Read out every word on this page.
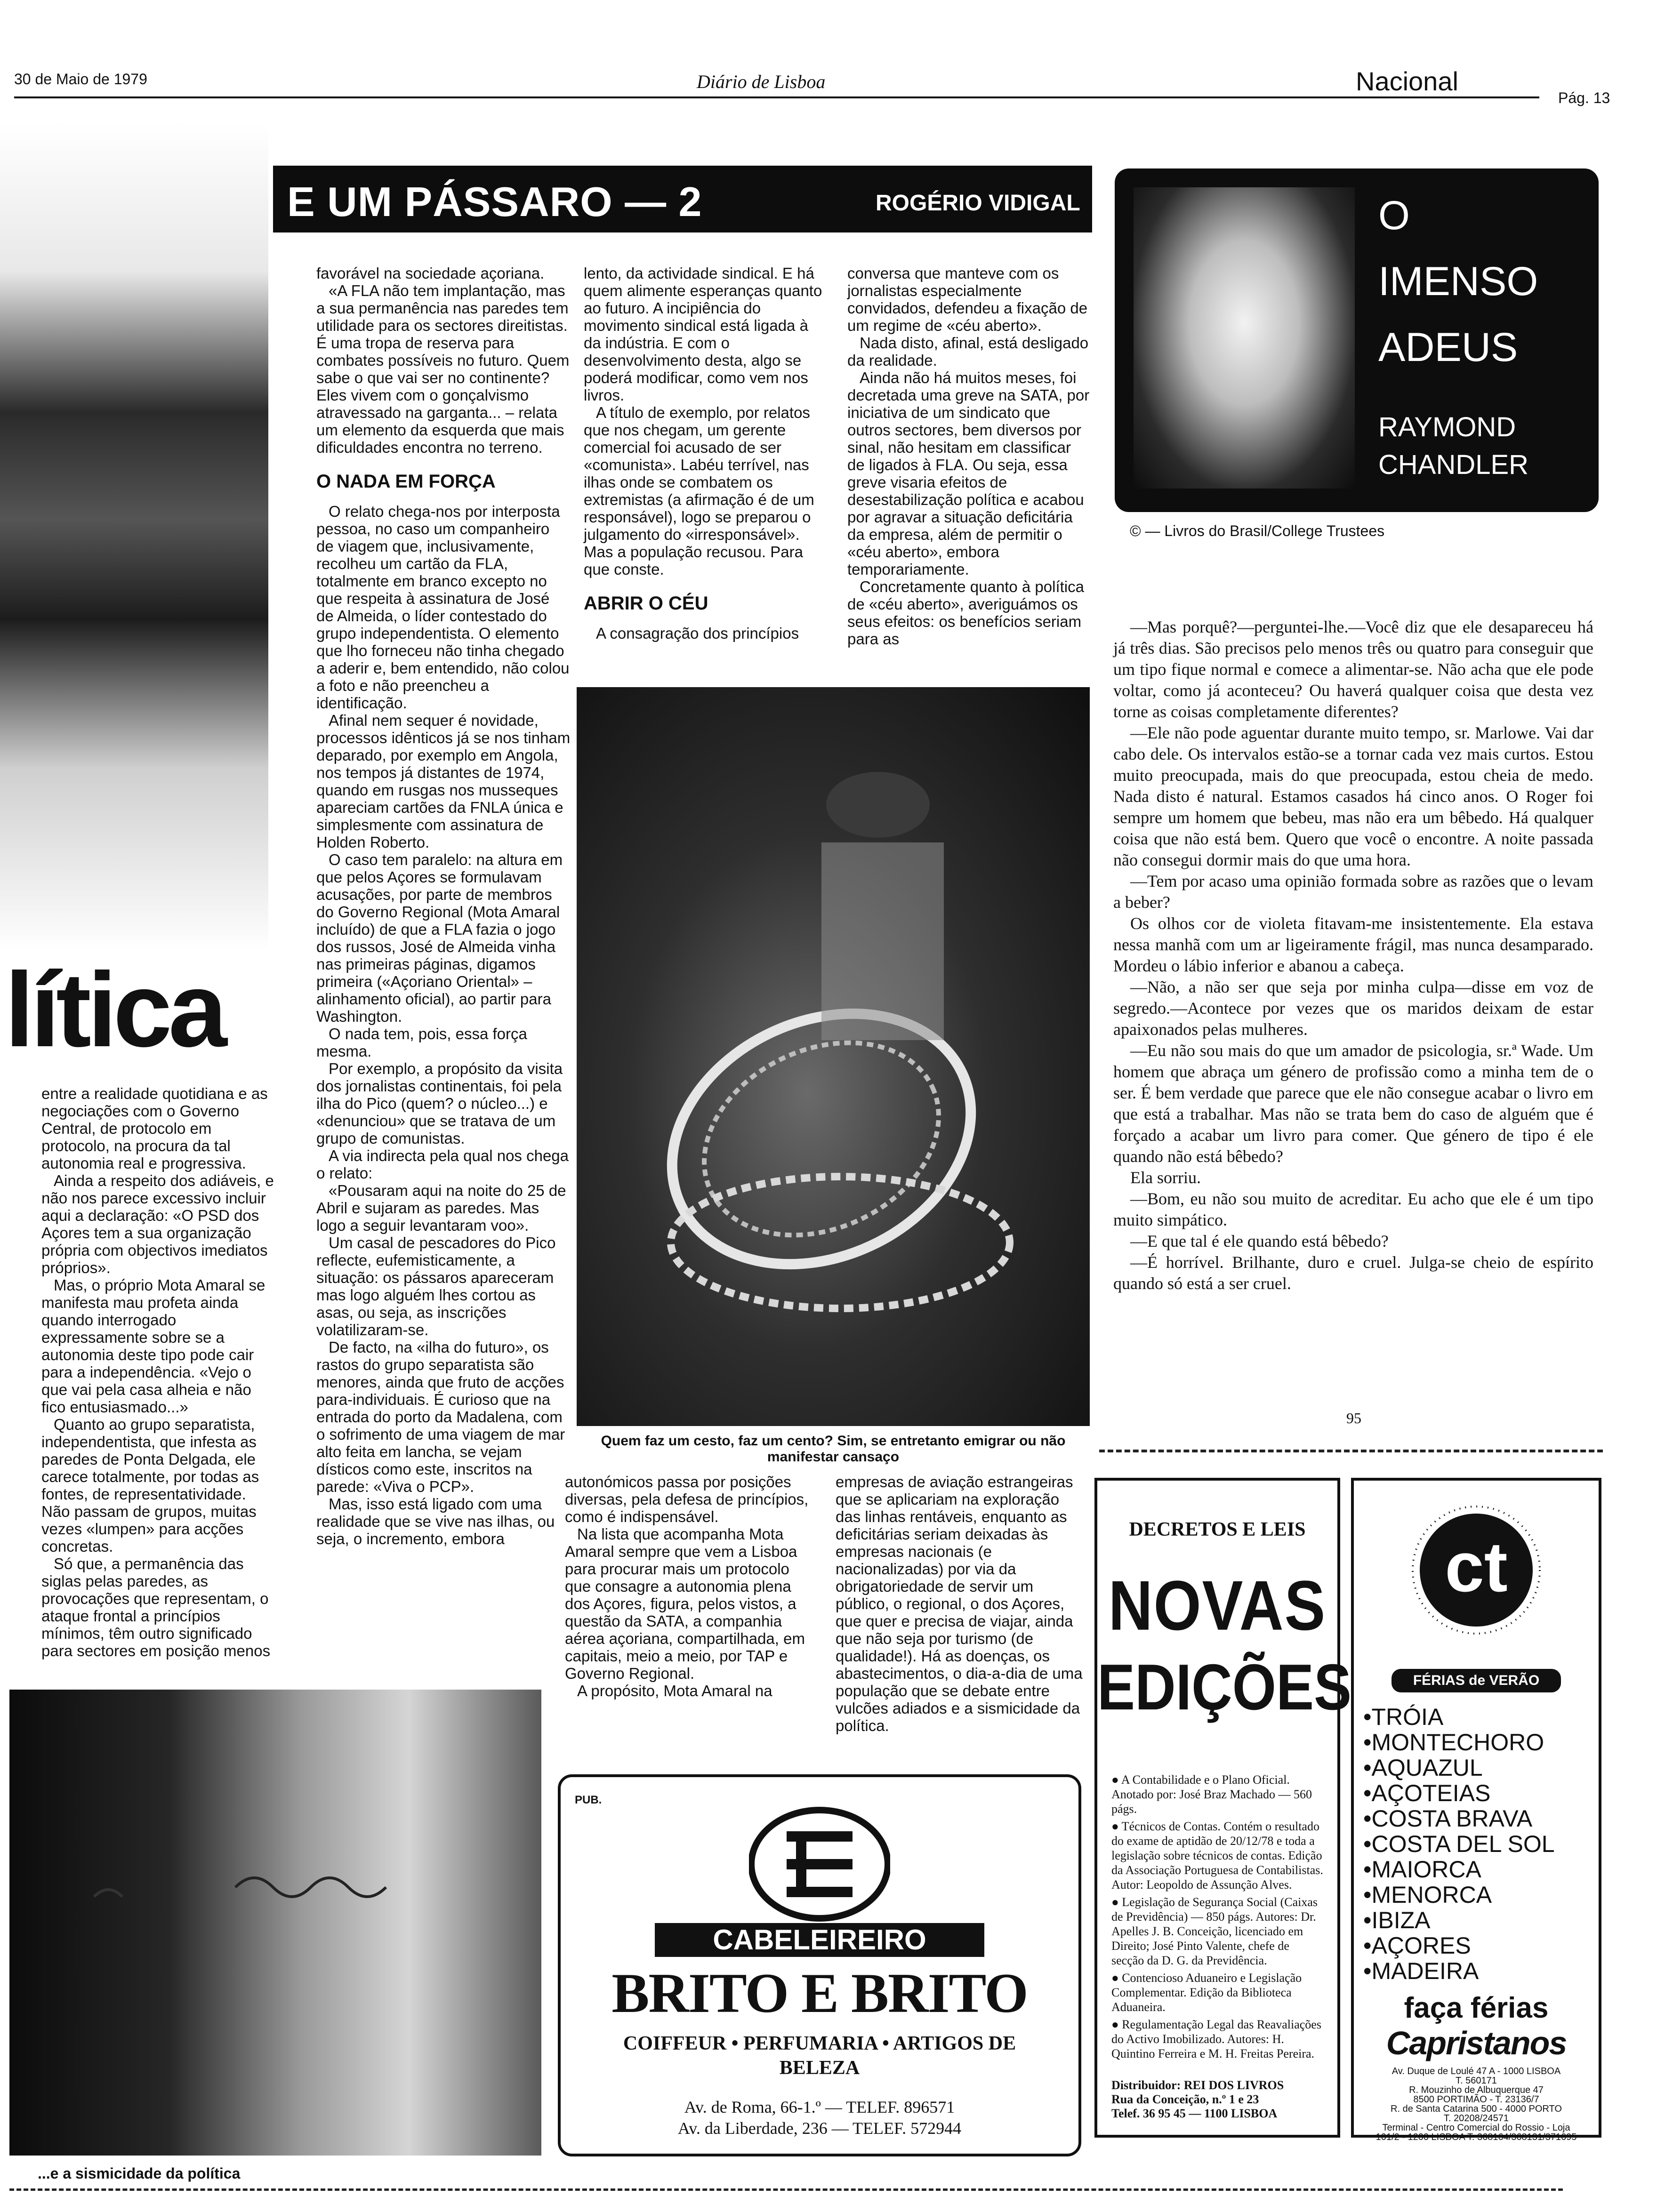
30 de Maio de 1979	Diário de Lisboa	Nacional
Pág. 13
lítica
E UM PÁSSARO — 2	ROGÉRIO VIDIGAL

favorável na sociedade açoriana.

«A FLA não tem implantação, mas a sua permanência nas paredes tem utilidade para os sectores direitistas. É uma tropa de reserva para combates possíveis no futuro. Quem sabe o que vai ser no continente? Eles vivem com o gonçalvismo atravessado na garganta... – relata um elemento da esquerda que mais dificuldades encontra no terreno.

O NADA EM FORÇA

O relato chega-nos por interposta pessoa, no caso um companheiro de viagem que, inclusivamente, recolheu um cartão da FLA, totalmente em branco excepto no que respeita à assinatura de José de Almeida, o líder contestado do grupo independentista. O elemento que lho forneceu não tinha chegado a aderir e, bem entendido, não colou a foto e não preencheu a identificação.

Afinal nem sequer é novidade, processos idênticos já se nos tinham deparado, por exemplo em Angola, nos tempos já distantes de 1974, quando em rusgas nos musseques apareciam cartões da FNLA única e simplesmente com assinatura de Holden Roberto.

O caso tem paralelo: na altura em que pelos Açores se formulavam acusações, por parte de membros do Governo Regional (Mota Amaral incluído) de que a FLA fazia o jogo dos russos, José de Almeida vinha nas primeiras páginas, digamos primeira («Açoriano Oriental» – alinhamento oficial), ao partir para Washington.

O nada tem, pois, essa força mesma.

Por exemplo, a propósito da visita dos jornalistas continentais, foi pela ilha do Pico (quem? o núcleo...) e «denunciou» que se tratava de um grupo de comunistas.

A via indirecta pela qual nos chega o relato:

«Pousaram aqui na noite do 25 de Abril e sujaram as paredes. Mas logo a seguir levantaram voo».

Um casal de pescadores do Pico reflecte, eufemisticamente, a situação: os pássaros apareceram mas logo alguém lhes cortou as asas, ou seja, as inscrições volatilizaram-se.

De facto, na «ilha do futuro», os rastos do grupo separatista são menores, ainda que fruto de acções para-individuais. É curioso que na entrada do porto da Madalena, com o sofrimento de uma viagem de mar alto feita em lancha, se vejam dísticos como este, inscritos na parede: «Viva o PCP».

Mas, isso está ligado com uma realidade que se vive nas ilhas, ou seja, o incremento, embora

lento, da actividade sindical. E há quem alimente esperanças quanto ao futuro. A incipiência do movimento sindical está ligada à da indústria. E com o desenvolvimento desta, algo se poderá modificar, como vem nos livros.

A título de exemplo, por relatos que nos chegam, um gerente comercial foi acusado de ser «comunista». Labéu terrível, nas ilhas onde se combatem os extremistas (a afirmação é de um responsável), logo se preparou o julgamento do «irresponsável». Mas a população recusou. Para que conste.

ABRIR O CÉU

A consagração dos princípios

conversa que manteve com os jornalistas especialmente convidados, defendeu a fixação de um regime de «céu aberto».

Nada disto, afinal, está desligado da realidade.

Ainda não há muitos meses, foi decretada uma greve na SATA, por iniciativa de um sindicato que outros sectores, bem diversos por sinal, não hesitam em classificar de ligados à FLA. Ou seja, essa greve visaria efeitos de desestabilização política e acabou por agravar a situação deficitária da empresa, além de permitir o «céu aberto», embora temporariamente.

Concretamente quanto à política de «céu aberto», averiguámos os seus efeitos: os benefícios seriam para as

Quem faz um cesto, faz um cento? Sim, se entretanto emigrar ou não manifestar cansaço

entre a realidade quotidiana e as negociações com o Governo Central, de protocolo em protocolo, na procura da tal autonomia real e progressiva.

Ainda a respeito dos adiáveis, e não nos parece excessivo incluir aqui a declaração: «O PSD dos Açores tem a sua organização própria com objectivos imediatos próprios».

Mas, o próprio Mota Amaral se manifesta mau profeta ainda quando interrogado expressamente sobre se a autonomia deste tipo pode cair para a independência. «Vejo o que vai pela casa alheia e não fico entusiasmado...»

Quanto ao grupo separatista, independentista, que infesta as paredes de Ponta Delgada, ele carece totalmente, por todas as fontes, de representatividade. Não passam de grupos, muitas vezes «lumpen» para acções concretas.

Só que, a permanência das siglas pelas paredes, as provocações que representam, o ataque frontal a princípios mínimos, têm outro significado para sectores em posição menos

autonómicos passa por posições diversas, pela defesa de princípios, como é indispensável.

Na lista que acompanha Mota Amaral sempre que vem a Lisboa para procurar mais um protocolo que consagre a autonomia plena dos Açores, figura, pelos vistos, a questão da SATA, a companhia aérea açoriana, compartilhada, em capitais, meio a meio, por TAP e Governo Regional.

A propósito, Mota Amaral na

empresas de aviação estrangeiras que se aplicariam na exploração das linhas rentáveis, enquanto as deficitárias seriam deixadas às empresas nacionais (e nacionalizadas) por via da obrigatoriedade de servir um público, o regional, o dos Açores, que quer e precisa de viajar, ainda que não seja por turismo (de qualidade!). Há as doenças, os abastecimentos, o dia-a-dia de uma população que se debate entre vulcões adiados e a sismicidade da política.

...e a sismicidade da política
O
IMENSO
ADEUS
RAYMOND
CHANDLER
© — Livros do Brasil/College Trustees

—Mas porquê?—perguntei-lhe.—Você diz que ele desapareceu há já três dias. São precisos pelo menos três ou quatro para conseguir que um tipo fique normal e comece a alimentar-se. Não acha que ele pode voltar, como já aconteceu? Ou haverá qualquer coisa que desta vez torne as coisas completamente diferentes?

—Ele não pode aguentar durante muito tempo, sr. Marlowe. Vai dar cabo dele. Os intervalos estão-se a tornar cada vez mais curtos. Estou muito preocupada, mais do que preocupada, estou cheia de medo. Nada disto é natural. Estamos casados há cinco anos. O Roger foi sempre um homem que bebeu, mas não era um bêbedo. Há qualquer coisa que não está bem. Quero que você o encontre. A noite passada não consegui dormir mais do que uma hora.

—Tem por acaso uma opinião formada sobre as razões que o levam a beber?

Os olhos cor de violeta fitavam-me insistentemente. Ela estava nessa manhã com um ar ligeiramente frágil, mas nunca desamparado. Mordeu o lábio inferior e abanou a cabeça.

—Não, a não ser que seja por minha culpa—disse em voz de segredo.—Acontece por vezes que os maridos deixam de estar apaixonados pelas mulheres.

—Eu não sou mais do que um amador de psicologia, sr.ª Wade. Um homem que abraça um género de profissão como a minha tem de o ser. É bem verdade que parece que ele não consegue acabar o livro em que está a trabalhar. Mas não se trata bem do caso de alguém que é forçado a acabar um livro para comer. Que género de tipo é ele quando não está bêbedo?

Ela sorriu.

—Bom, eu não sou muito de acreditar. Eu acho que ele é um tipo muito simpático.

—E que tal é ele quando está bêbedo?

—É horrível. Brilhante, duro e cruel. Julga-se cheio de espírito quando só está a ser cruel.

95
DECRETOS E LEIS
NOVAS
EDIÇÕES
● A Contabilidade e o Plano Oficial. Anotado por: José Braz Machado — 560 págs.
● Técnicos de Contas. Contém o resultado do exame de aptidão de 20/12/78 e toda a legislação sobre técnicos de contas. Edição da Associação Portuguesa de Contabilistas. Autor: Leopoldo de Assunção Alves.
● Legislação de Segurança Social (Caixas de Previdência) — 850 págs. Autores: Dr. Apelles J. B. Conceição, licenciado em Direito; José Pinto Valente, chefe de secção da D. G. da Previdência.
● Contencioso Aduaneiro e Legislação Complementar. Edição da Biblioteca Aduaneira.
● Regulamentação Legal das Reavaliações do Activo Imobilizado. Autores: H. Quintino Ferreira e M. H. Freitas Pereira.
Distribuidor: REI DOS LIVROS
Rua da Conceição, n.º 1 e 23
Telef. 36 95 45 — 1100 LISBOA
ct
FÉRIAS de VERÃO
•TRÓIA
•MONTECHORO
•AQUAZUL
•AÇOTEIAS
•COSTA BRAVA
•COSTA DEL SOL
•MAIORCA
•MENORCA
•IBIZA
•AÇORES
•MADEIRA
faça férias
Capristanos
Av. Duque de Loulé 47 A - 1000 LISBOA
T. 560171
R. Mouzinho de Albuquerque 47
8500 PORTIMÃO - T. 23136/7
R. de Santa Catarina 500 - 4000 PORTO
T. 20208/24571
Terminal - Centro Comercial do Rossio - Loja
101/2 - 1200 LISBOA T. 368164/368131/371695
PUB.
CABELEIREIRO
BRITO E BRITO
COIFFEUR • PERFUMARIA • ARTIGOS DE BELEZA
Av. de Roma, 66-1.º — TELEF. 896571
Av. da Liberdade, 236 — TELEF. 572944
